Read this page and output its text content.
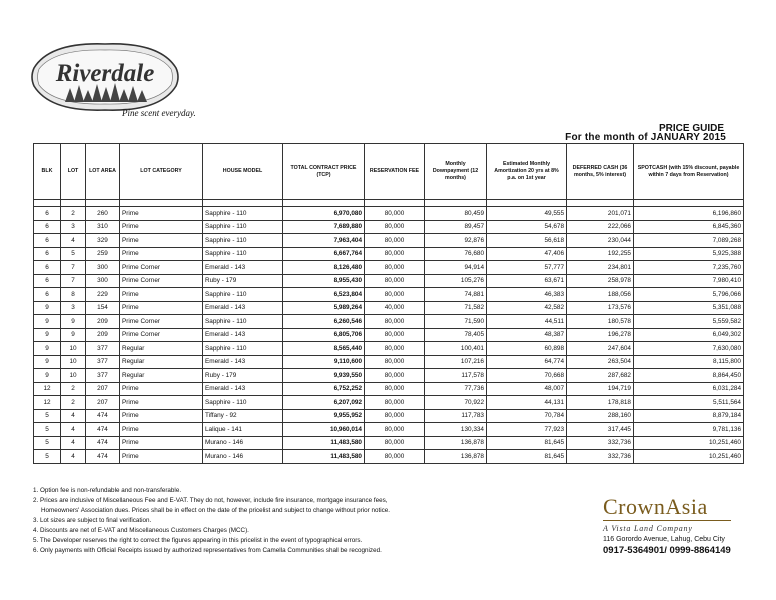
Riverdale
Pine scent everyday.
PRICE GUIDE
For the month of JANUARY 2015
BLK	LOT	LOT AREA	LOT CATEGORY	HOUSE MODEL	TOTAL CONTRACT PRICE (TCP)	RESERVATION FEE	Monthly Downpayment (12 months)	Estimated Monthly Amortization 20 yrs at 8% p.a. on 1st year	DEFERRED CASH (36 months, 5% interest)	SPOTCASH (with 15% discount, payable within 7 days from Reservation)

6	2	260	Prime	Sapphire - 110	6,970,080	80,000	80,459	49,555	201,071	6,196,860
6	3	310	Prime	Sapphire - 110	7,689,880	80,000	89,457	54,678	222,066	6,845,360
6	4	329	Prime	Sapphire - 110	7,963,404	80,000	92,876	56,618	230,044	7,089,268
6	5	259	Prime	Sapphire - 110	6,667,764	80,000	76,680	47,406	192,255	5,925,388
6	7	300	Prime Corner	Emerald - 143	8,126,480	80,000	94,914	57,777	234,801	7,235,760
6	7	300	Prime Corner	Ruby - 179	8,955,430	80,000	105,276	63,671	258,978	7,980,410
6	8	229	Prime	Sapphire - 110	6,523,804	80,000	74,881	46,383	188,056	5,796,066
9	3	154	Prime	Emerald - 143	5,989,264	40,000	71,582	42,582	173,576	5,351,088
9	9	209	Prime Corner	Sapphire - 110	6,260,546	80,000	71,590	44,511	180,578	5,559,582
9	9	209	Prime Corner	Emerald - 143	6,805,706	80,000	78,405	48,387	196,278	6,049,302
9	10	377	Regular	Sapphire - 110	8,565,440	80,000	100,401	60,898	247,604	7,630,080
9	10	377	Regular	Emerald - 143	9,110,600	80,000	107,216	64,774	263,504	8,115,800
9	10	377	Regular	Ruby - 179	9,939,550	80,000	117,578	70,668	287,682	8,864,450
12	2	207	Prime	Emerald - 143	6,752,252	80,000	77,736	48,007	194,719	6,031,284
12	2	207	Prime	Sapphire - 110	6,207,092	80,000	70,922	44,131	178,818	5,511,564
5	4	474	Prime	Tiffany - 92	9,955,952	80,000	117,783	70,784	288,160	8,879,184
5	4	474	Prime	Lalique - 141	10,960,014	80,000	130,334	77,923	317,445	9,781,136
5	4	474	Prime	Murano - 146	11,483,580	80,000	136,878	81,645	332,736	10,251,460
5	4	474	Prime	Murano - 146	11,483,580	80,000	136,878	81,645	332,736	10,251,460
1. Option fee is non-refundable and non-transferable.
2. Prices are inclusive of Miscellaneous Fee and E-VAT. They do not, however, include fire insurance, mortgage insurance fees,
Homeowners' Association dues. Prices shall be in effect on the date of the pricelist and subject to change without prior notice.
3. Lot sizes are subject to final verification.
4. Discounts are net of E-VAT and Miscellaneous Customers Charges (MCC).
5. The Developer reserves the right to correct the figures appearing in this pricelist in the event of typographical errors.
6. Only payments with Official Receipts issued by authorized representatives from Camella Communities shall be recognized.
CrownAsia
A Vista Land Company
116 Gorordo Avenue, Lahug, Cebu City
0917-5364901/ 0999-8864149
